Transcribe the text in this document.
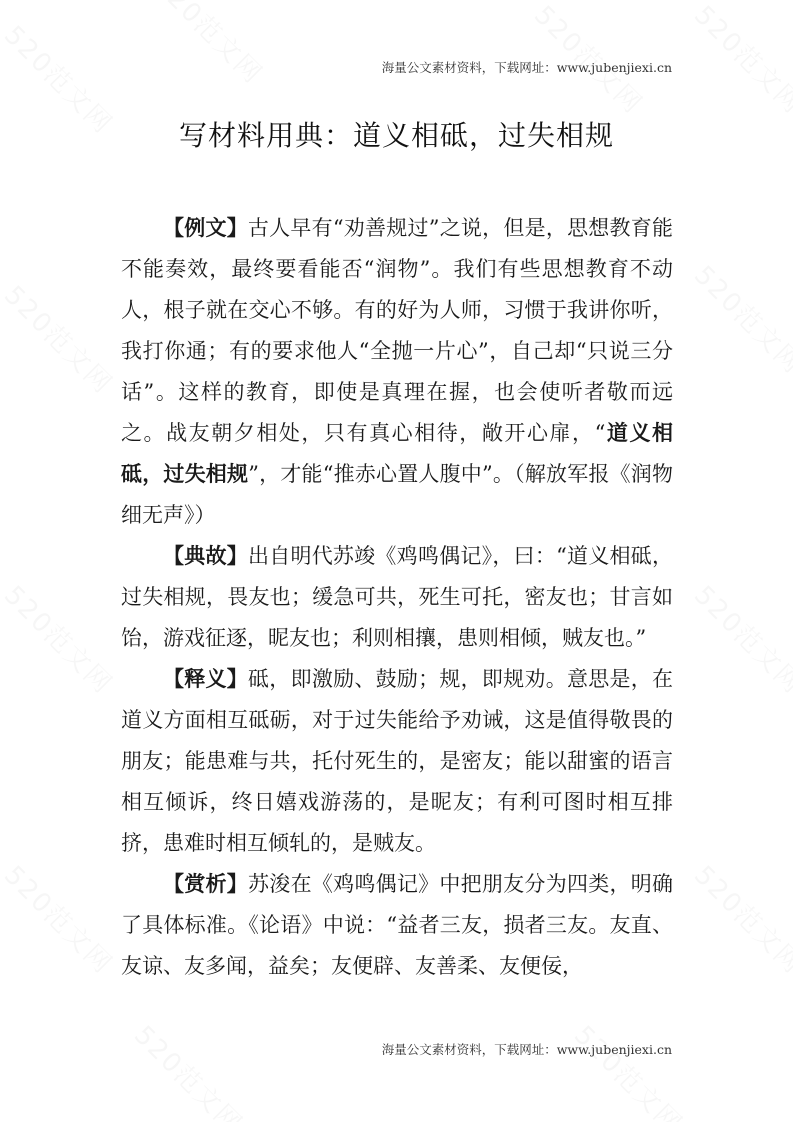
海量公文素材资料，下载网址：www.jubenjiexi.cn
写材料用典：道义相砥，过失相规

【例文】古人早有“劝善规过”之说，但是，思想教育能不能奏效，最终要看能否“润物”。我们有些思想教育不动人，根子就在交心不够。有的好为人师，习惯于我讲你听，我打你通；有的要求他人“全抛一片心”，自己却“只说三分话”。这样的教育，即使是真理在握，也会使听者敬而远之。战友朝夕相处，只有真心相待，敞开心扉，“道义相砥，过失相规”，才能“推赤心置人腹中”。（解放军报《润物细无声》）

【典故】出自明代苏竣《鸡鸣偶记》，曰：“道义相砥，过失相规，畏友也；缓急可共，死生可托，密友也；甘言如饴，游戏征逐，昵友也；利则相攘，患则相倾，贼友也。”

【释义】砥，即激励、鼓励；规，即规劝。意思是，在道义方面相互砥砺，对于过失能给予劝诫，这是值得敬畏的朋友；能患难与共，托付死生的，是密友；能以甜蜜的语言相互倾诉，终日嬉戏游荡的，是昵友；有利可图时相互排挤，患难时相互倾轧的，是贼友。

【赏析】苏浚在《鸡鸣偶记》中把朋友分为四类，明确了具体标准。《论语》中说：“益者三友，损者三友。友直、友谅、友多闻，益矣；友便辟、友善柔、友便佞，

海量公文素材资料，下载网址：www.jubenjiexi.cn
